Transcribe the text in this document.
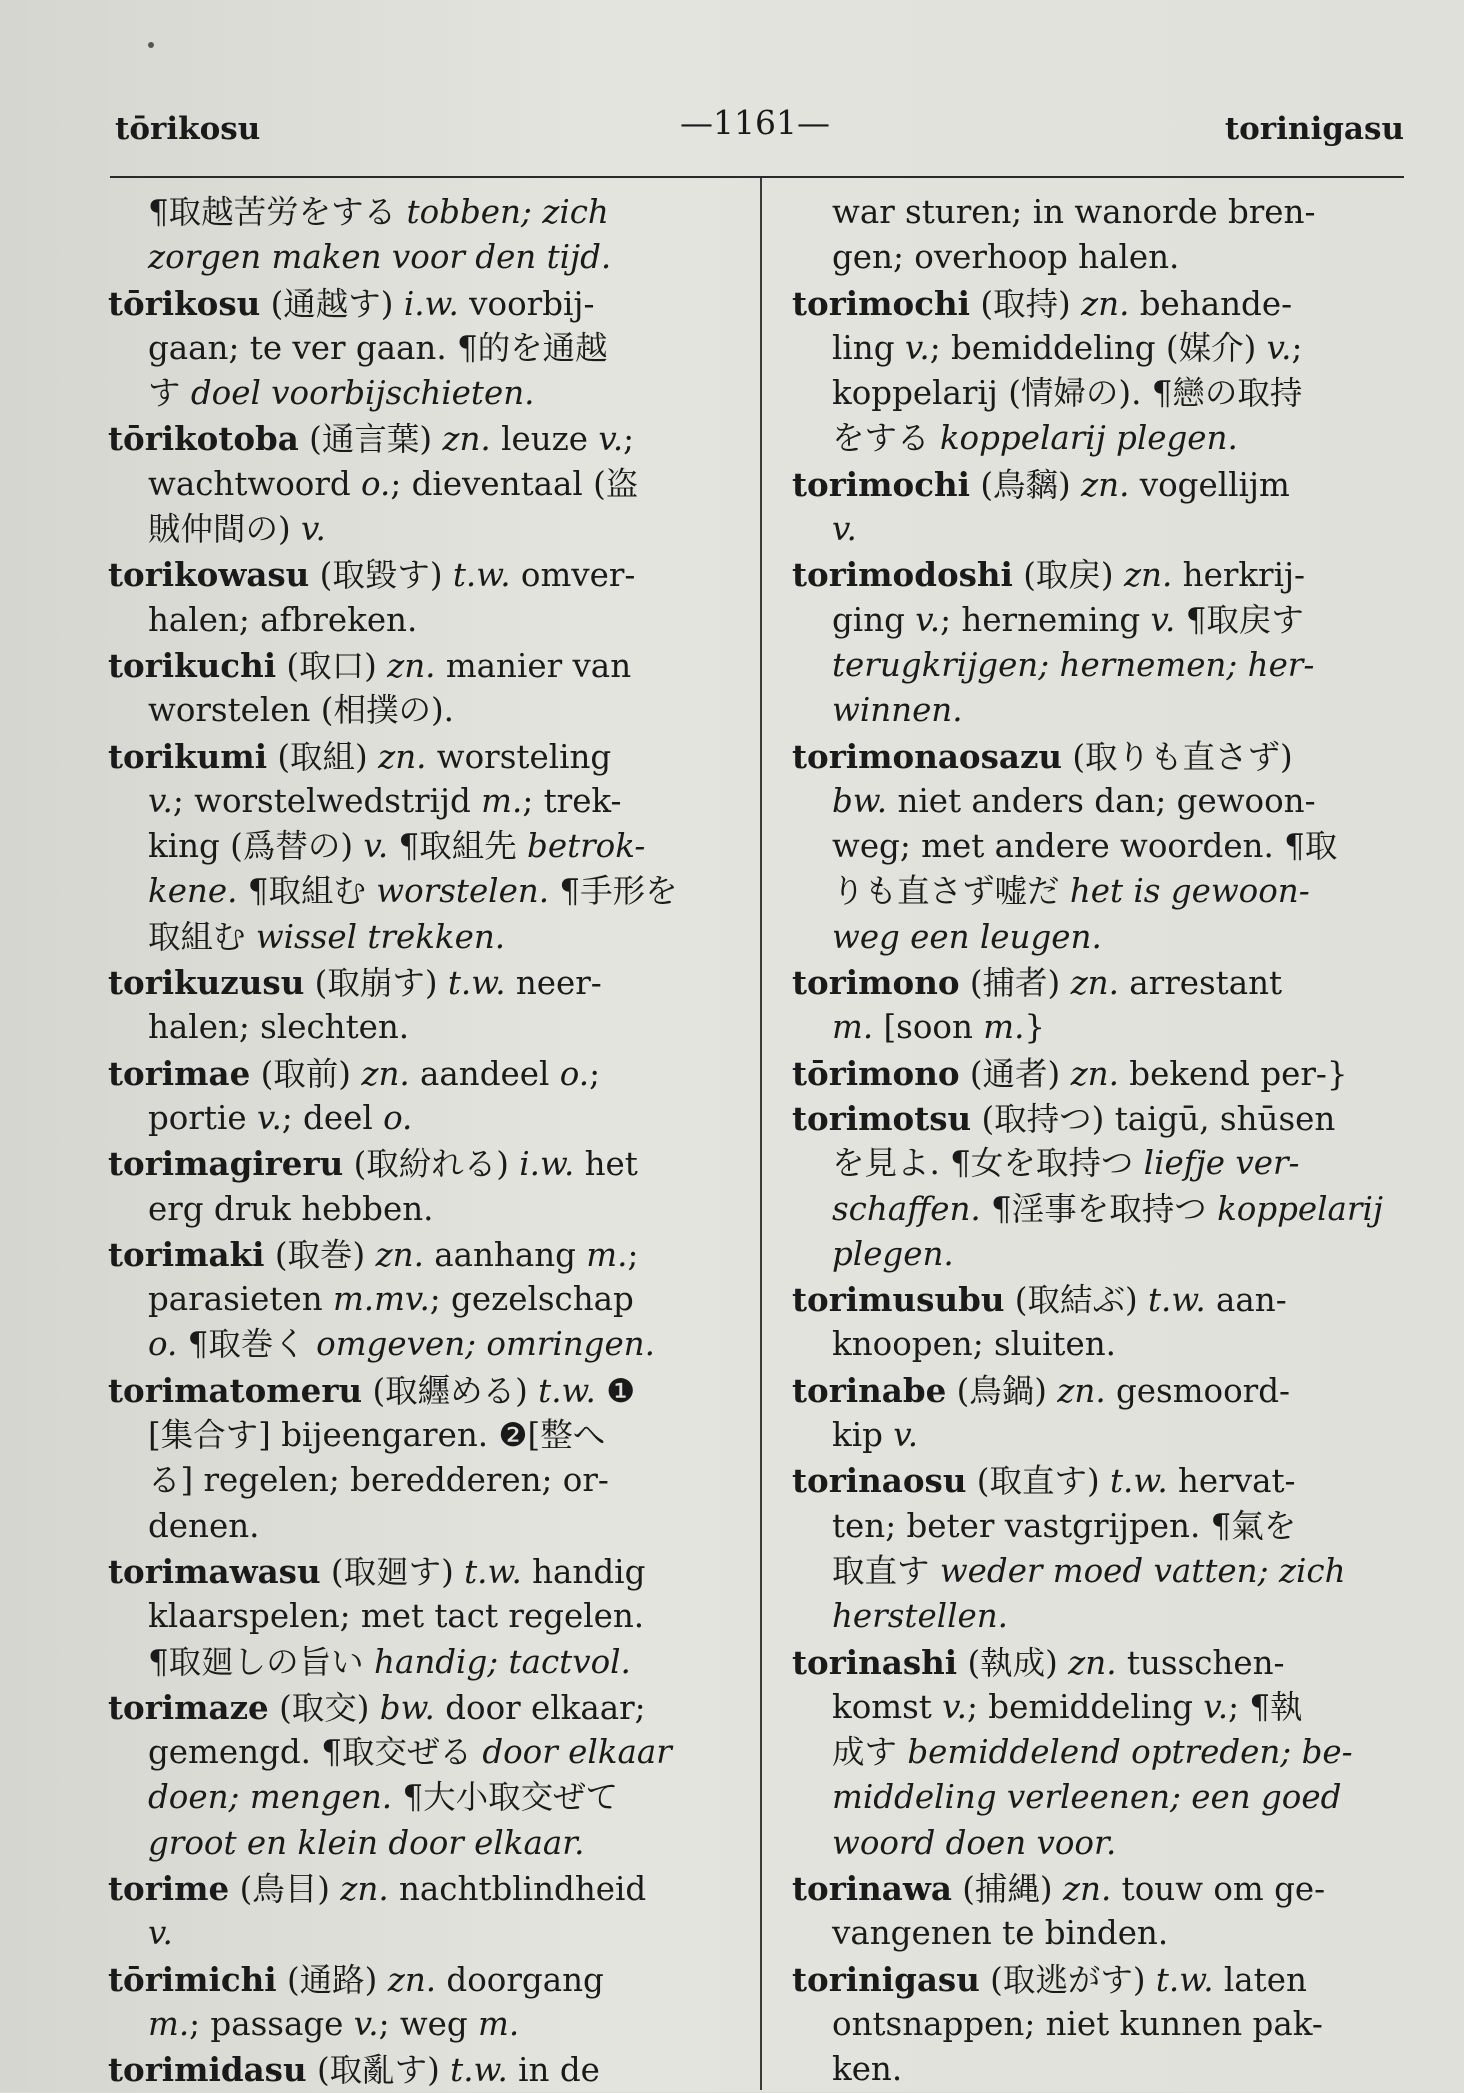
tōrikosu	—1161—	torinigasu
¶取越苦労をする tobben; zich
zorgen maken voor den tijd.
tōrikosu (通越す) i.w. voorbij-
gaan; te ver gaan. ¶的を通越
す doel voorbijschieten.
tōrikotoba (通言葉) zn. leuze v.;
wachtwoord o.; dieventaal (盗
賊仲間の) v.
torikowasu (取毀す) t.w. omver-
halen; afbreken.
torikuchi (取口) zn. manier van
worstelen (相撲の).
torikumi (取組) zn. worsteling
v.; worstelwedstrijd m.; trek-
king (爲替の) v. ¶取組先 betrok-
kene. ¶取組む worstelen. ¶手形を
取組む wissel trekken.
torikuzusu (取崩す) t.w. neer-
halen; slechten.
torimae (取前) zn. aandeel o.;
portie v.; deel o.
torimagireru (取紛れる) i.w. het
erg druk hebben.
torimaki (取巻) zn. aanhang m.;
parasieten m.mv.; gezelschap
o. ¶取巻く omgeven; omringen.
torimatomeru (取纒める) t.w. ❶
[集合す] bijeengaren. ❷[整へ
る] regelen; beredderen; or-
denen.
torimawasu (取廻す) t.w. handig
klaarspelen; met tact regelen.
¶取廻しの旨い handig; tactvol.
torimaze (取交) bw. door elkaar;
gemengd. ¶取交ぜる door elkaar
doen; mengen. ¶大小取交ぜて
groot en klein door elkaar.
torime (鳥目) zn. nachtblindheid
v.
tōrimichi (通路) zn. doorgang
m.; passage v.; weg m.
torimidasu (取亂す) t.w. in de
war sturen; in wanorde bren-
gen; overhoop halen.
torimochi (取持) zn. behande-
ling v.; bemiddeling (媒介) v.;
koppelarij (情婦の). ¶戀の取持
をする koppelarij plegen.
torimochi (鳥黐) zn. vogellijm
v.
torimodoshi (取戻) zn. herkrij-
ging v.; herneming v. ¶取戻す
terugkrijgen; hernemen; her-
winnen.
torimonaosazu (取りも直さず)
bw. niet anders dan; gewoon-
weg; met andere woorden. ¶取
りも直さず嘘だ het is gewoon-
weg een leugen.
torimono (捕者) zn. arrestant
m. [soon m.}
tōrimono (通者) zn. bekend per-}
torimotsu (取持つ) taigū, shūsen
を見よ. ¶女を取持つ liefje ver-
schaffen. ¶淫事を取持つ koppelarij
plegen.
torimusubu (取結ぶ) t.w. aan-
knoopen; sluiten.
torinabe (鳥鍋) zn. gesmoord-
kip v.
torinaosu (取直す) t.w. hervat-
ten; beter vastgrijpen. ¶氣を
取直す weder moed vatten; zich
herstellen.
torinashi (執成) zn. tusschen-
komst v.; bemiddeling v.; ¶執
成す bemiddelend optreden; be-
middeling verleenen; een goed
woord doen voor.
torinawa (捕縄) zn. touw om ge-
vangenen te binden.
torinigasu (取逃がす) t.w. laten
ontsnappen; niet kunnen pak-
ken.
